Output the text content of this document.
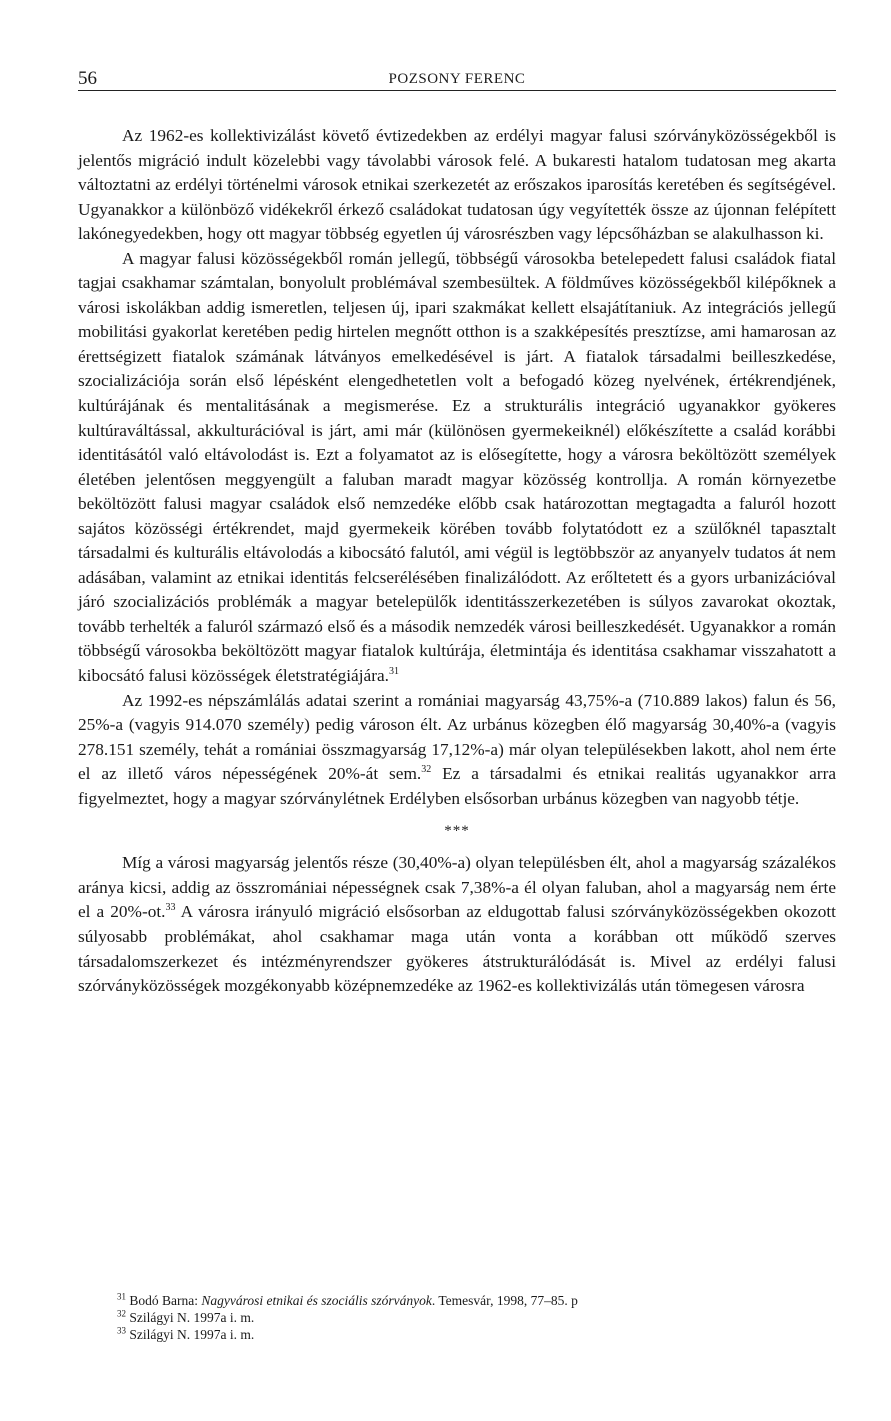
56	POZSONY FERENC

Az 1962-es kollektivizálást követő évtizedekben az erdélyi magyar falusi szórványközösségekből is jelentős migráció indult közelebbi vagy távolabbi városok felé. A bukaresti hatalom tudatosan meg akarta változtatni az erdélyi történelmi városok etnikai szerkezetét az erőszakos iparosítás keretében és segítségével. Ugyanakkor a különböző vidékekről érkező családokat tudatosan úgy vegyítették össze az újonnan felépített lakónegyedekben, hogy ott magyar többség egyetlen új városrészben vagy lépcsőházban se alakulhasson ki.

A magyar falusi közösségekből román jellegű, többségű városokba betelepedett falusi családok fiatal tagjai csakhamar számtalan, bonyolult problémával szembesültek. A földműves közösségekből kilépőknek a városi iskolákban addig ismeretlen, teljesen új, ipari szakmákat kellett elsajátítaniuk. Az integrációs jellegű mobilitási gyakorlat keretében pedig hirtelen megnőtt otthon is a szakképesítés presztízse, ami hamarosan az érettségizett fiatalok számának látványos emelkedésével is járt. A fiatalok társadalmi beilleszkedése, szocializációja során első lépésként elengedhetetlen volt a befogadó közeg nyelvének, értékrendjének, kultúrájának és mentalitásának a megismerése. Ez a strukturális integráció ugyanakkor gyökeres kultúraváltással, akkulturációval is járt, ami már (különösen gyermekeiknél) előkészítette a család korábbi identitásától való eltávolodást is. Ezt a folyamatot az is elősegítette, hogy a városra beköltözött személyek életében jelentősen meggyengült a faluban maradt magyar közösség kontrollja. A román környezetbe beköltözött falusi magyar családok első nemzedéke előbb csak határozottan megtagadta a faluról hozott sajátos közösségi értékrendet, majd gyermekeik körében tovább folytatódott ez a szülőknél tapasztalt társadalmi és kulturális eltávolodás a kibocsátó falutól, ami végül is legtöbbször az anyanyelv tudatos át nem adásában, valamint az etnikai identitás felcserélésében finalizálódott. Az erőltetett és a gyors urbanizációval járó szocializációs problémák a magyar betelepülők identitásszerkezetében is súlyos zavarokat okoztak, tovább terhelték a faluról származó első és a második nemzedék városi beilleszkedését. Ugyanakkor a román többségű városokba beköltözött magyar fiatalok kultúrája, életmintája és identitása csakhamar visszahatott a kibocsátó falusi közösségek életstratégiájára.$^{31}$

Az 1992-es népszámlálás adatai szerint a romániai magyarság 43,75%-a (710.889 lakos) falun és 56, 25%-a (vagyis 914.070 személy) pedig városon élt. Az urbánus közegben élő magyarság 30,40%-a (vagyis 278.151 személy, tehát a romániai összmagyarság 17,12%-a) már olyan településekben lakott, ahol nem érte el az illető város népességének 20%-át sem.$^{32}$ Ez a társadalmi és etnikai realitás ugyanakkor arra figyelmeztet, hogy a magyar szórványlétnek Erdélyben elsősorban urbánus közegben van nagyobb tétje.

***

Míg a városi magyarság jelentős része (30,40%-a) olyan településben élt, ahol a magyarság százalékos aránya kicsi, addig az összromániai népességnek csak 7,38%-a él olyan faluban, ahol a magyarság nem érte el a 20%-ot.$^{33}$ A városra irányuló migráció elsősorban az eldugottab falusi szórványközösségekben okozott súlyosabb problémákat, ahol csakhamar maga után vonta a korábban ott működő szerves társadalomszerkezet és intézményrendszer gyökeres átstrukturálódását is. Mivel az erdélyi falusi szórványközösségek mozgékonyabb középnemzedéke az 1962-es kollektivizálás után tömegesen városra

$^{31}$ Bodó Barna: Nagyvárosi etnikai és szociális szórványok. Temesvár, 1998, 77–85. p
$^{32}$ Szilágyi N. 1997a i. m.
$^{33}$ Szilágyi N. 1997a i. m.
